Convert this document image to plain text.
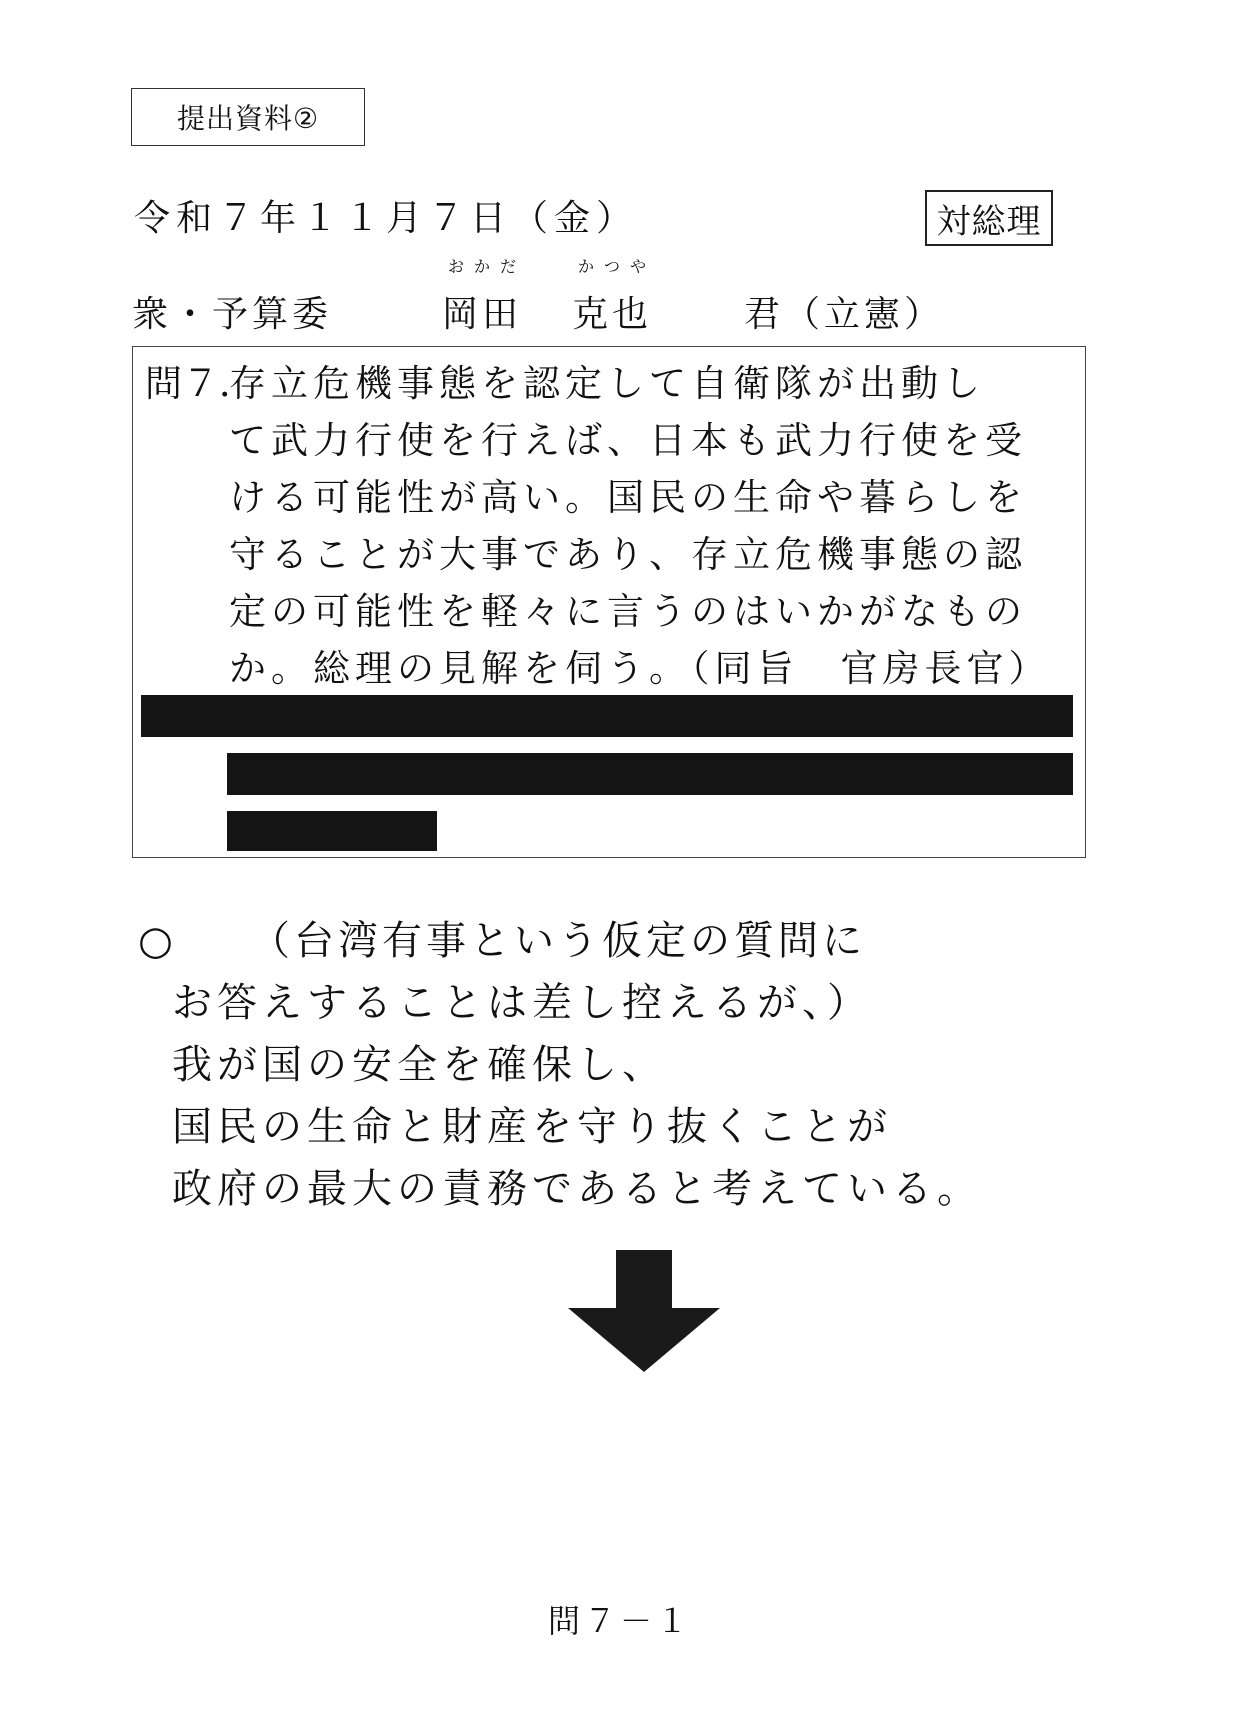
提出資料②
令和７年１１月７日（金）	対総理
衆・予算委
おかだ
岡田
かつや
克也	君（立憲）
問７．

存立危機事態を認定して自衛隊が出動し
て武力行使を行えば、日本も武力行使を受
ける可能性が高い。国民の生命や暮らしを
守ることが大事であり、存立危機事態の認
定の可能性を軽々に言うのはいかがなもの
か。総理の見解を伺う。（同旨　官房長官）

○ （台湾有事という仮定の質問に

お答えすることは差し控えるが、）
我が国の安全を確保し、
国民の生命と財産を守り抜くことが
政府の最大の責務であると考えている。

問７－１
